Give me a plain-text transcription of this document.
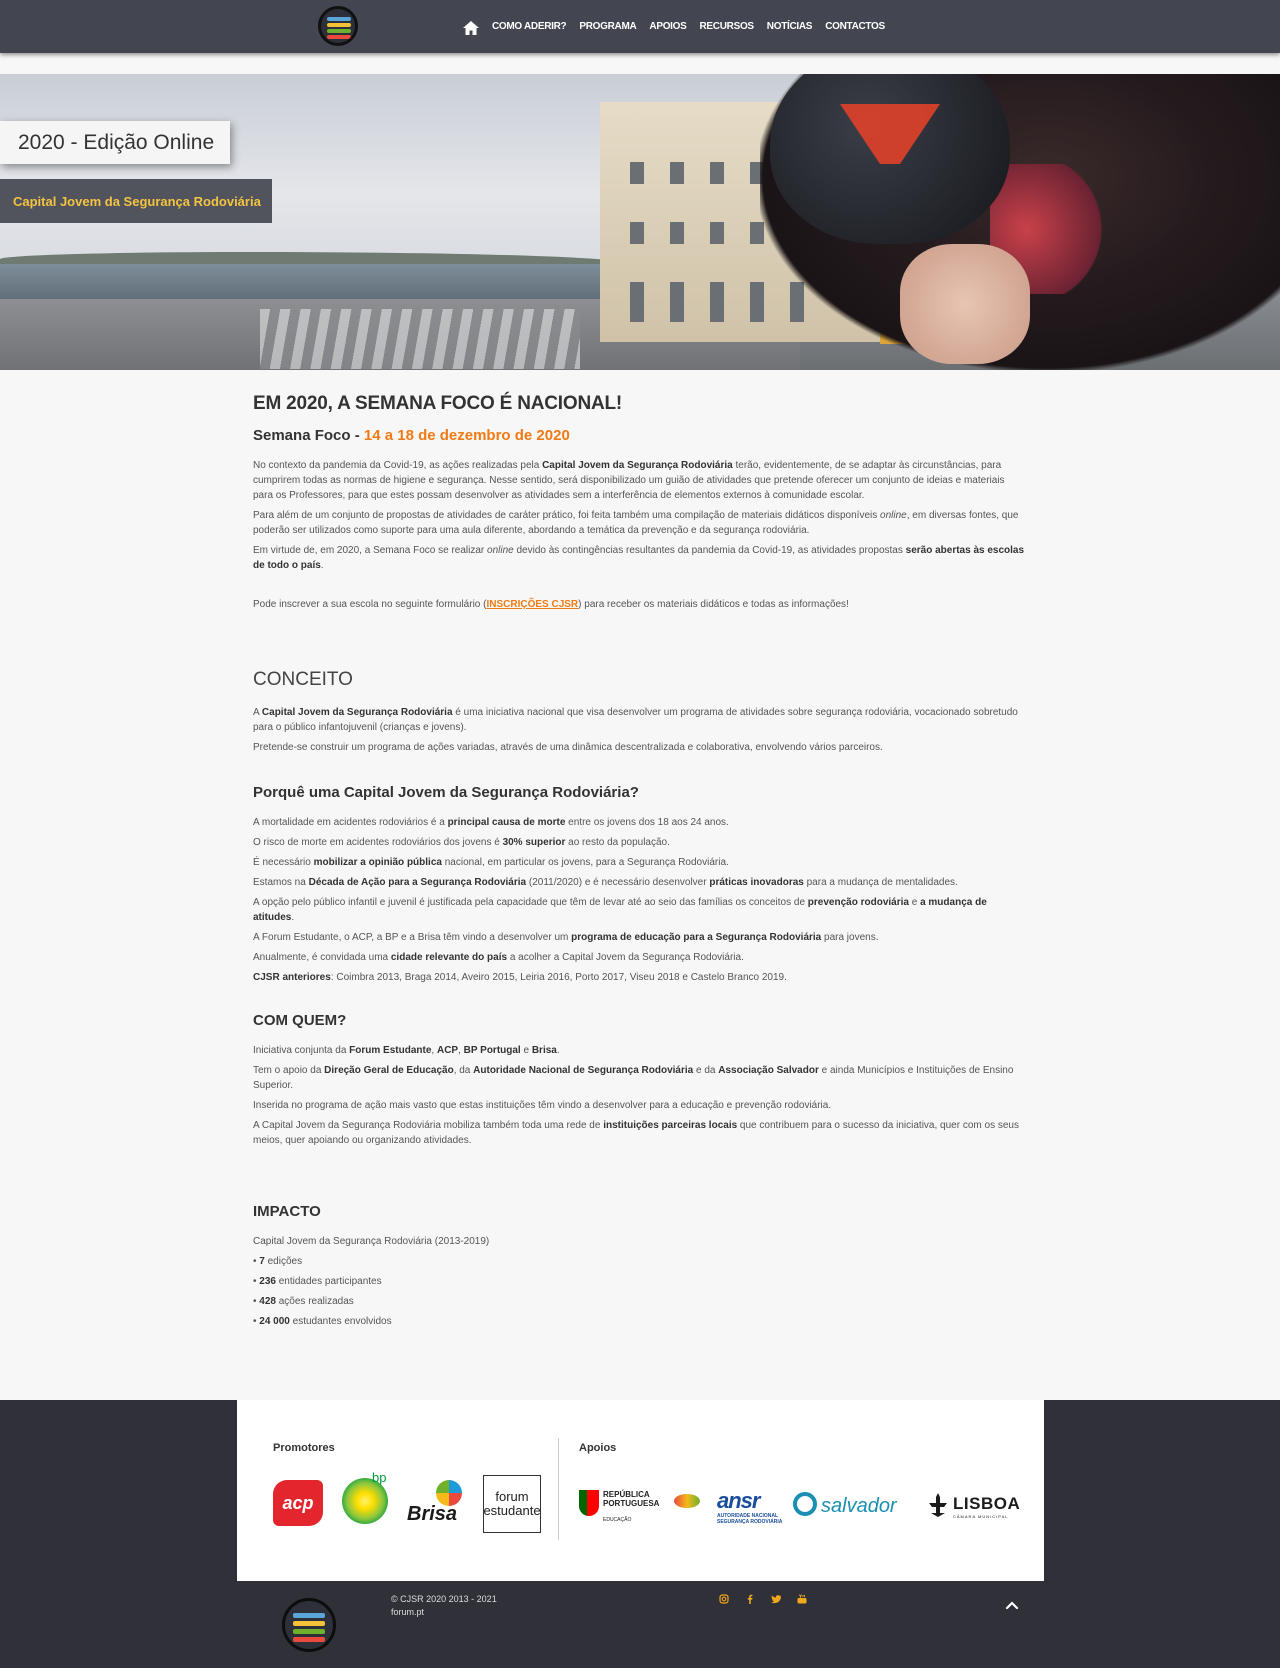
COMO ADERIR? PROGRAMA APOIOS RECURSOS NOTÍCIAS CONTACTOS
2020 - Edição Online
Capital Jovem da Segurança Rodoviária
EM 2020, A SEMANA FOCO É NACIONAL!
Semana Foco - 14 a 18 de dezembro de 2020

No contexto da pandemia da Covid-19, as ações realizadas pela Capital Jovem da Segurança Rodoviária terão, evidentemente, de se adaptar às circunstâncias, para cumprirem todas as normas de higiene e segurança. Nesse sentido, será disponibilizado um guião de atividades que pretende oferecer um conjunto de ideias e materiais para os Professores, para que estes possam desenvolver as atividades sem a interferência de elementos externos à comunidade escolar.

Para além de um conjunto de propostas de atividades de caráter prático, foi feita também uma compilação de materiais didáticos disponíveis online, em diversas fontes, que poderão ser utilizados como suporte para uma aula diferente, abordando a temática da prevenção e da segurança rodoviária.

Em virtude de, em 2020, a Semana Foco se realizar online devido às contingências resultantes da pandemia da Covid-19, as atividades propostas serão abertas às escolas de todo o país.

Pode inscrever a sua escola no seguinte formulário (INSCRIÇÕES CJSR) para receber os materiais didáticos e todas as informações!

CONCEITO

A Capital Jovem da Segurança Rodoviária é uma iniciativa nacional que visa desenvolver um programa de atividades sobre segurança rodoviária, vocacionado sobretudo para o público infantojuvenil (crianças e jovens).

Pretende-se construir um programa de ações variadas, através de uma dinâmica descentralizada e colaborativa, envolvendo vários parceiros.

Porquê uma Capital Jovem da Segurança Rodoviária?

A mortalidade em acidentes rodoviários é a principal causa de morte entre os jovens dos 18 aos 24 anos.

O risco de morte em acidentes rodoviários dos jovens é 30% superior ao resto da população.

É necessário mobilizar a opinião pública nacional, em particular os jovens, para a Segurança Rodoviária.

Estamos na Década de Ação para a Segurança Rodoviária (2011/2020) e é necessário desenvolver práticas inovadoras para a mudança de mentalidades.

A opção pelo público infantil e juvenil é justificada pela capacidade que têm de levar até ao seio das famílias os conceitos de prevenção rodoviária e a mudança de atitudes.

A Forum Estudante, o ACP, a BP e a Brisa têm vindo a desenvolver um programa de educação para a Segurança Rodoviária para jovens.

Anualmente, é convidada uma cidade relevante do país a acolher a Capital Jovem da Segurança Rodoviária.

CJSR anteriores: Coimbra 2013, Braga 2014, Aveiro 2015, Leiria 2016, Porto 2017, Viseu 2018 e Castelo Branco 2019.

COM QUEM?

Iniciativa conjunta da Forum Estudante, ACP, BP Portugal e Brisa.

Tem o apoio da Direção Geral de Educação, da Autoridade Nacional de Segurança Rodoviária e da Associação Salvador e ainda Municípios e Instituições de Ensino Superior.

Inserida no programa de ação mais vasto que estas instituições têm vindo a desenvolver para a educação e prevenção rodoviária.

A Capital Jovem da Segurança Rodoviária mobiliza também toda uma rede de instituições parceiras locais que contribuem para o sucesso da iniciativa, quer com os seus meios, quer apoiando ou organizando atividades.

IMPACTO

Capital Jovem da Segurança Rodoviária (2013-2019)

• 7 edições

• 236 entidades participantes

• 428 ações realizadas

• 24 000 estudantes envolvidos

Promotores	Apoios
acp
bp
Brisa
forum
estudante
REPÚBLICA
PORTUGUESA
EDUCAÇÃO
ansr
AUTORIDADE NACIONAL
SEGURANÇA RODOVIÁRIA
salvador	LISBOA
CÂMARA MUNICIPAL
© CJSR 2020 2013 - 2021
forum.pt
